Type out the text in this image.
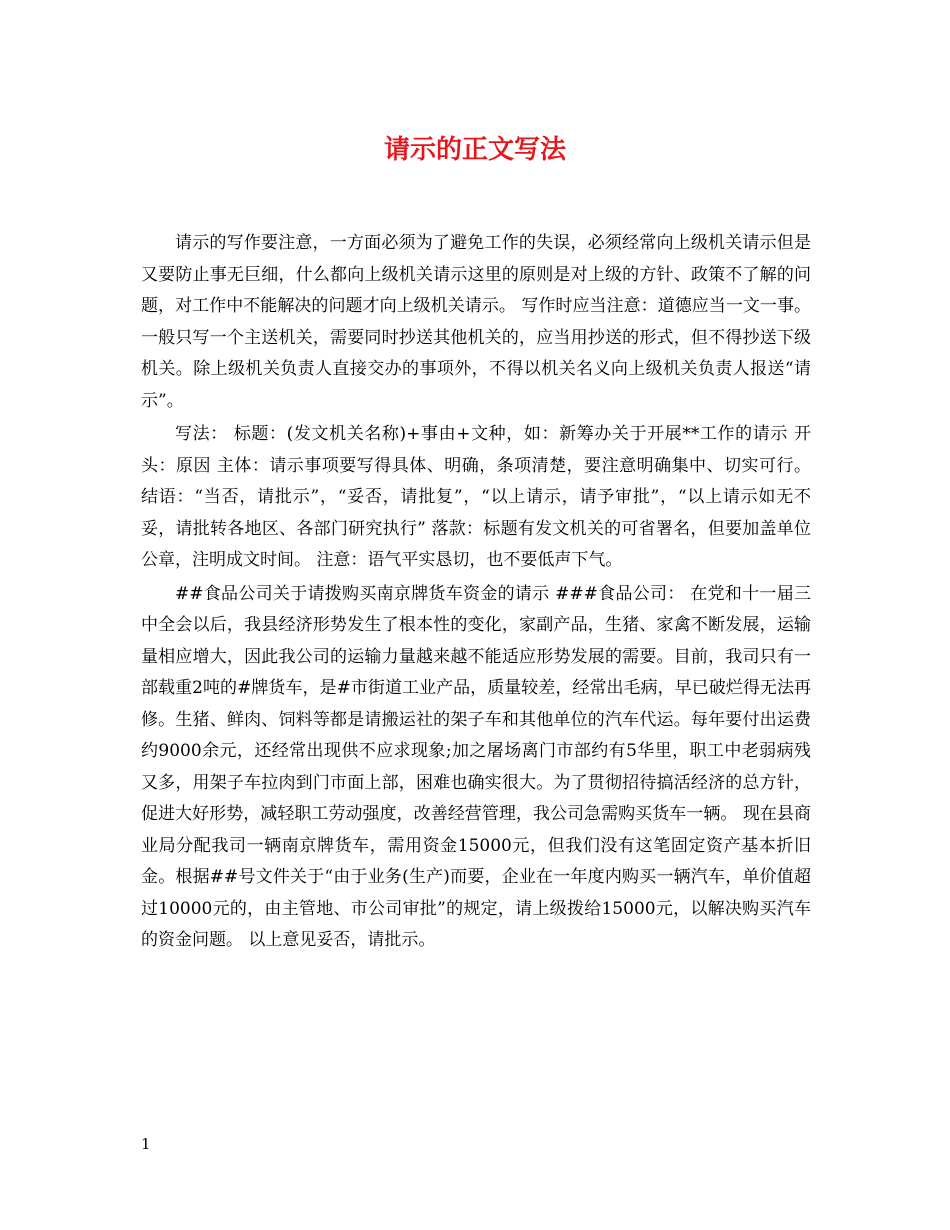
请示的正文写法

请示的写作要注意，一方面必须为了避免工作的失误，必须经常向上级机关请示但是又要防止事无巨细，什么都向上级机关请示这里的原则是对上级的方针、政策不了解的问题，对工作中不能解决的问题才向上级机关请示。 写作时应当注意：道德应当一文一事。一般只写一个主送机关，需要同时抄送其他机关的，应当用抄送的形式，但不得抄送下级机关。除上级机关负责人直接交办的事项外，不得以机关名义向上级机关负责人报送“请示”。

写法： 标题：(发文机关名称)+事由+文种，如：新筹办关于开展**工作的请示 开头：原因 主体：请示事项要写得具体、明确，条项清楚，要注意明确集中、切实可行。 结语：“当否，请批示”，“妥否，请批复”，“以上请示，请予审批”，“以上请示如无不妥，请批转各地区、各部门研究执行” 落款：标题有发文机关的可省署名，但要加盖单位公章，注明成文时间。 注意：语气平实恳切，也不要低声下气。

##食品公司关于请拨购买南京牌货车资金的请示 ###食品公司： 在党和十一届三中全会以后，我县经济形势发生了根本性的变化，家副产品，生猪、家禽不断发展，运输量相应增大，因此我公司的运输力量越来越不能适应形势发展的需要。目前，我司只有一部载重2吨的#牌货车，是#市街道工业产品，质量较差，经常出毛病，早已破烂得无法再修。生猪、鲜肉、饲料等都是请搬运社的架子车和其他单位的汽车代运。每年要付出运费约9000余元，还经常出现供不应求现象;加之屠场离门市部约有5华里，职工中老弱病残又多，用架子车拉肉到门市面上部，困难也确实很大。为了贯彻招待搞活经济的总方针，促进大好形势，减轻职工劳动强度，改善经营管理，我公司急需购买货车一辆。 现在县商业局分配我司一辆南京牌货车，需用资金15000元，但我们没有这笔固定资产基本折旧金。根据##号文件关于“由于业务(生产)而要，企业在一年度内购买一辆汽车，单价值超过10000元的，由主管地、市公司审批”的规定，请上级拨给15000元，以解决购买汽车的资金问题。 以上意见妥否，请批示。

1
